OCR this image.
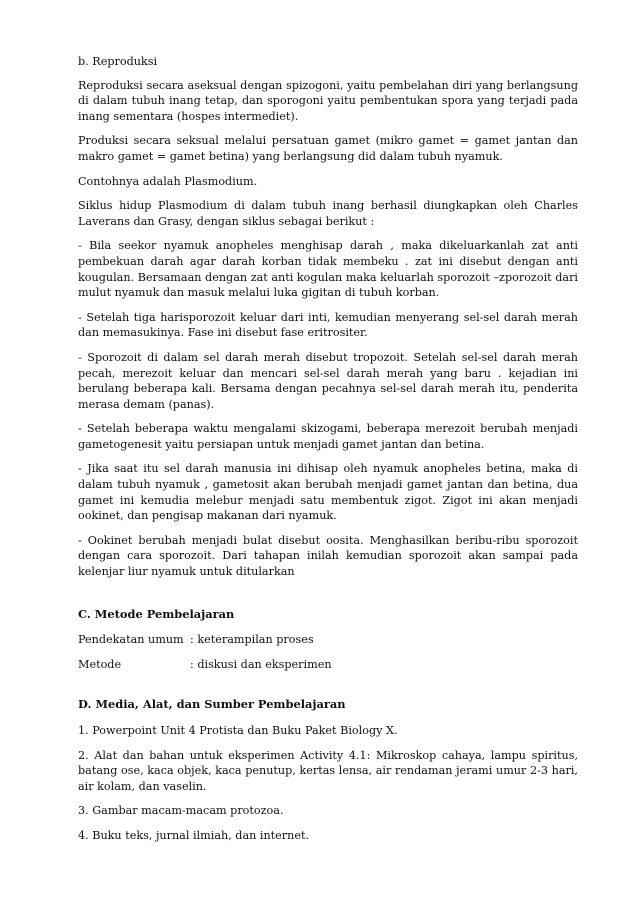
b. Reproduksi

Reproduksi secara aseksual dengan spizogoni, yaitu pembelahan diri yang berlangsung di dalam tubuh inang tetap, dan sporogoni yaitu pembentukan spora yang terjadi pada inang sementara (hospes intermediet).

Produksi secara seksual melalui persatuan gamet (mikro gamet = gamet jantan dan makro gamet = gamet betina) yang berlangsung did dalam tubuh nyamuk.

Contohnya adalah Plasmodium.

Siklus hidup Plasmodium di dalam tubuh inang berhasil diungkapkan oleh Charles Laverans dan Grasy, dengan siklus sebagai berikut :

- Bila seekor nyamuk anopheles menghisap darah , maka dikeluarkanlah zat anti pembekuan darah agar darah korban tidak membeku . zat ini disebut dengan anti kougulan. Bersamaan dengan zat anti kogulan maka keluarlah sporozoit –zporozoit dari mulut nyamuk dan masuk melalui luka gigitan di tubuh korban.

- Setelah tiga harisporozoit keluar dari inti, kemudian menyerang sel-sel darah merah dan memasukinya. Fase ini disebut fase eritrositer.

- Sporozoit di dalam sel darah merah disebut tropozoit. Setelah sel-sel darah merah pecah, merezoit keluar dan mencari sel-sel darah merah yang baru . kejadian ini berulang beberapa kali. Bersama dengan pecahnya sel-sel darah merah itu, penderita merasa demam (panas).

- Setelah beberapa waktu mengalami skizogami, beberapa merezoit berubah menjadi gametogenesit yaitu persiapan untuk menjadi gamet jantan dan betina.

- Jika saat itu sel darah manusia ini dihisap oleh nyamuk anopheles betina, maka di dalam tubuh nyamuk , gametosit akan berubah menjadi gamet jantan dan betina, dua gamet ini kemudia melebur menjadi satu membentuk zigot. Zigot ini akan menjadi ookinet, dan pengisap makanan dari nyamuk.

- Ookinet berubah menjadi bulat disebut oosita. Menghasilkan beribu-ribu sporozoit dengan cara sporozoit. Dari tahapan inilah kemudian sporozoit akan sampai pada kelenjar liur nyamuk untuk ditularkan

C. Metode Pembelajaran
Pendekatan umum : keterampilan proses
Metode	: diskusi dan eksperimen
D. Media, Alat, dan Sumber Pembelajaran

1. Powerpoint Unit 4 Protista dan Buku Paket Biology X.

2. Alat dan bahan untuk eksperimen Activity 4.1: Mikroskop cahaya, lampu spiritus, batang ose, kaca objek, kaca penutup, kertas lensa, air rendaman jerami umur 2-3 hari, air kolam, dan vaselin.

3. Gambar macam-macam protozoa.

4. Buku teks, jurnal ilmiah, dan internet.
